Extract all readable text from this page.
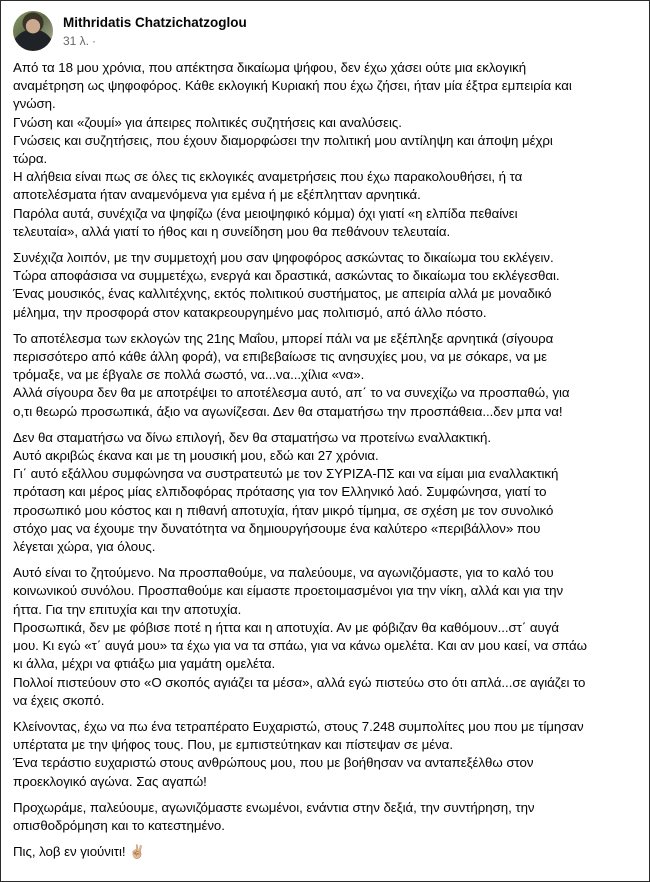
Mithridatis Chatzichatzoglou
31 λ. ·
Από τα 18 μου χρόνια, που απέκτησα δικαίωμα ψήφου, δεν έχω χάσει ούτε μια εκλογική
αναμέτρηση ως ψηφοφόρος. Κάθε εκλογική Κυριακή που έχω ζήσει, ήταν μία έξτρα εμπειρία και
γνώση.
Γνώση και «ζουμί» για άπειρες πολιτικές συζητήσεις και αναλύσεις.
Γνώσεις και συζητήσεις, που έχουν διαμορφώσει την πολιτική μου αντίληψη και άποψη μέχρι
τώρα.
Η αλήθεια είναι πως σε όλες τις εκλογικές αναμετρήσεις που έχω παρακολουθήσει, ή τα
αποτελέσματα ήταν αναμενόμενα για εμένα ή με εξέπλητταν αρνητικά.
Παρόλα αυτά, συνέχιζα να ψηφίζω (ένα μειοψηφικό κόμμα) όχι γιατί «η ελπίδα πεθαίνει
τελευταία», αλλά γιατί το ήθος και η συνείδηση μου θα πεθάνουν τελευταία.
Συνέχιζα λοιπόν, με την συμμετοχή μου σαν ψηφοφόρος ασκώντας το δικαίωμα του εκλέγειν.
Τώρα αποφάσισα να συμμετέχω, ενεργά και δραστικά, ασκώντας το δικαίωμα του εκλέγεσθαι.
Ένας μουσικός, ένας καλλιτέχνης, εκτός πολιτικού συστήματος, με απειρία αλλά με μοναδικό
μέλημα, την προσφορά στον κατακρεουργημένο μας πολιτισμό, από άλλο πόστο.
Το αποτέλεσμα των εκλογών της 21ης Μαΐου, μπορεί πάλι να με εξέπληξε αρνητικά (σίγουρα
περισσότερο από κάθε άλλη φορά), να επιβεβαίωσε τις ανησυχίες μου, να με σόκαρε, να με
τρόμαξε, να με έβγαλε σε πολλά σωστό, να...να...χίλια «να».
Αλλά σίγουρα δεν θα με αποτρέψει το αποτέλεσμα αυτό, απ΄ το να συνεχίζω να προσπαθώ, για
ο,τι θεωρώ προσωπικά, άξιο να αγωνίζεσαι. Δεν θα σταματήσω την προσπάθεια...δεν μπα να!
Δεν θα σταματήσω να δίνω επιλογή, δεν θα σταματήσω να προτείνω εναλλακτική.
Αυτό ακριβώς έκανα και με τη μουσική μου, εδώ και 27 χρόνια.
Γι΄ αυτό εξάλλου συμφώνησα να συστρατευτώ με τον ΣΥΡΙΖΑ-ΠΣ και να είμαι μια εναλλακτική
πρόταση και μέρος μίας ελπιδοφόρας πρότασης για τον Ελληνικό λαό. Συμφώνησα, γιατί το
προσωπικό μου κόστος και η πιθανή αποτυχία, ήταν μικρό τίμημα, σε σχέση με τον συνολικό
στόχο μας να έχουμε την δυνατότητα να δημιουργήσουμε ένα καλύτερο «περιβάλλον» που
λέγεται χώρα, για όλους.
Αυτό είναι το ζητούμενο. Να προσπαθούμε, να παλεύουμε, να αγωνιζόμαστε, για το καλό του
κοινωνικού συνόλου. Προσπαθούμε και είμαστε προετοιμασμένοι για την νίκη, αλλά και για την
ήττα. Για την επιτυχία και την αποτυχία.
Προσωπικά, δεν με φόβισε ποτέ η ήττα και η αποτυχία. Αν με φόβιζαν θα καθόμουν...στ΄ αυγά
μου. Κι εγώ «τ΄ αυγά μου» τα έχω για να τα σπάω, για να κάνω ομελέτα. Και αν μου καεί, να σπάω
κι άλλα, μέχρι να φτιάξω μια γαμάτη ομελέτα.
Πολλοί πιστεύουν στο «Ο σκοπός αγιάζει τα μέσα», αλλά εγώ πιστεύω στο ότι απλά...σε αγιάζει το
να έχεις σκοπό.
Κλείνοντας, έχω να πω ένα τετραπέρατο Ευχαριστώ, στους 7.248 συμπολίτες μου που με τίμησαν
υπέρτατα με την ψήφος τους. Που, με εμπιστεύτηκαν και πίστεψαν σε μένα.
Ένα τεράστιο ευχαριστώ στους ανθρώπους μου, που με βοήθησαν να ανταπεξέλθω στον
προεκλογικό αγώνα. Σας αγαπώ!
Προχωράμε, παλεύουμε, αγωνιζόμαστε ενωμένοι, ενάντια στην δεξιά, την συντήρηση, την
οπισθοδρόμηση και το κατεστημένο.
Πις, λοβ εν γιούνιτι! ✌🏼
